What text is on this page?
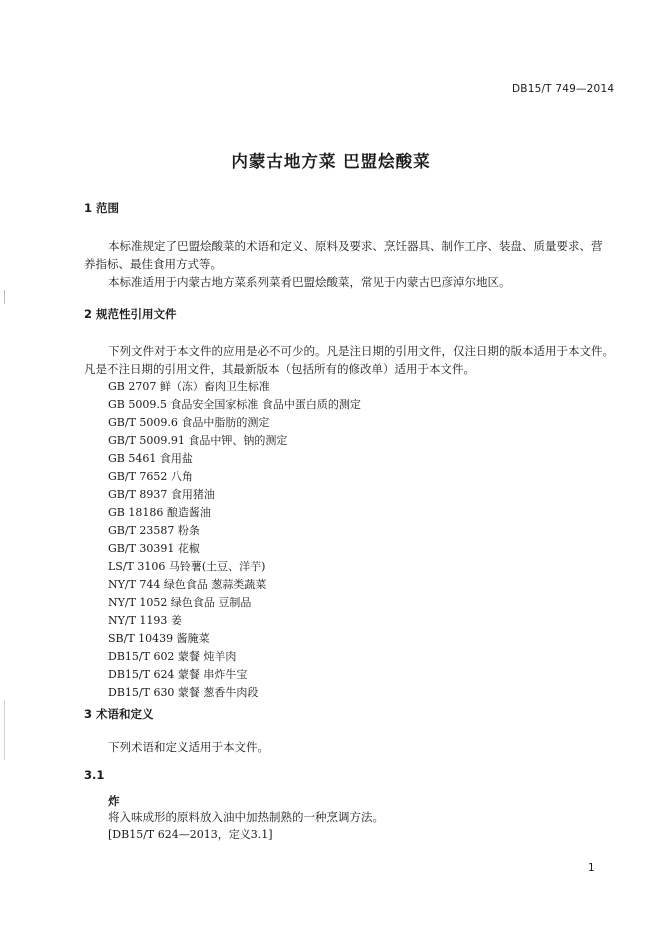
DB15/T 749—2014
内蒙古地方菜 巴盟烩酸菜
1 范围
本标准规定了巴盟烩酸菜的术语和定义、原料及要求、烹饪器具、制作工序、装盘、质量要求、营
养指标、最佳食用方式等。
本标准适用于内蒙古地方菜系列菜肴巴盟烩酸菜，常见于内蒙古巴彦淖尔地区。
2 规范性引用文件
下列文件对于本文件的应用是必不可少的。凡是注日期的引用文件，仅注日期的版本适用于本文件。
凡是不注日期的引用文件，其最新版本（包括所有的修改单）适用于本文件。
GB 2707 鲜（冻）畜肉卫生标准
GB 5009.5 食品安全国家标准 食品中蛋白质的测定
GB/T 5009.6 食品中脂肪的测定
GB/T 5009.91 食品中钾、钠的测定
GB 5461 食用盐
GB/T 7652 八角
GB/T 8937 食用猪油
GB 18186 酿造酱油
GB/T 23587 粉条
GB/T 30391 花椒
LS/T 3106 马铃薯(土豆、洋芋)
NY/T 744 绿色食品 葱蒜类蔬菜
NY/T 1052 绿色食品 豆制品
NY/T 1193 姜
SB/T 10439 酱腌菜
DB15/T 602 蒙餐 炖羊肉
DB15/T 624 蒙餐 串炸牛宝
DB15/T 630 蒙餐 葱香牛肉段
3 术语和定义
下列术语和定义适用于本文件。
3.1
炸
将入味成形的原料放入油中加热制熟的一种烹调方法。
[DB15/T 624—2013，定义3.1]
1
